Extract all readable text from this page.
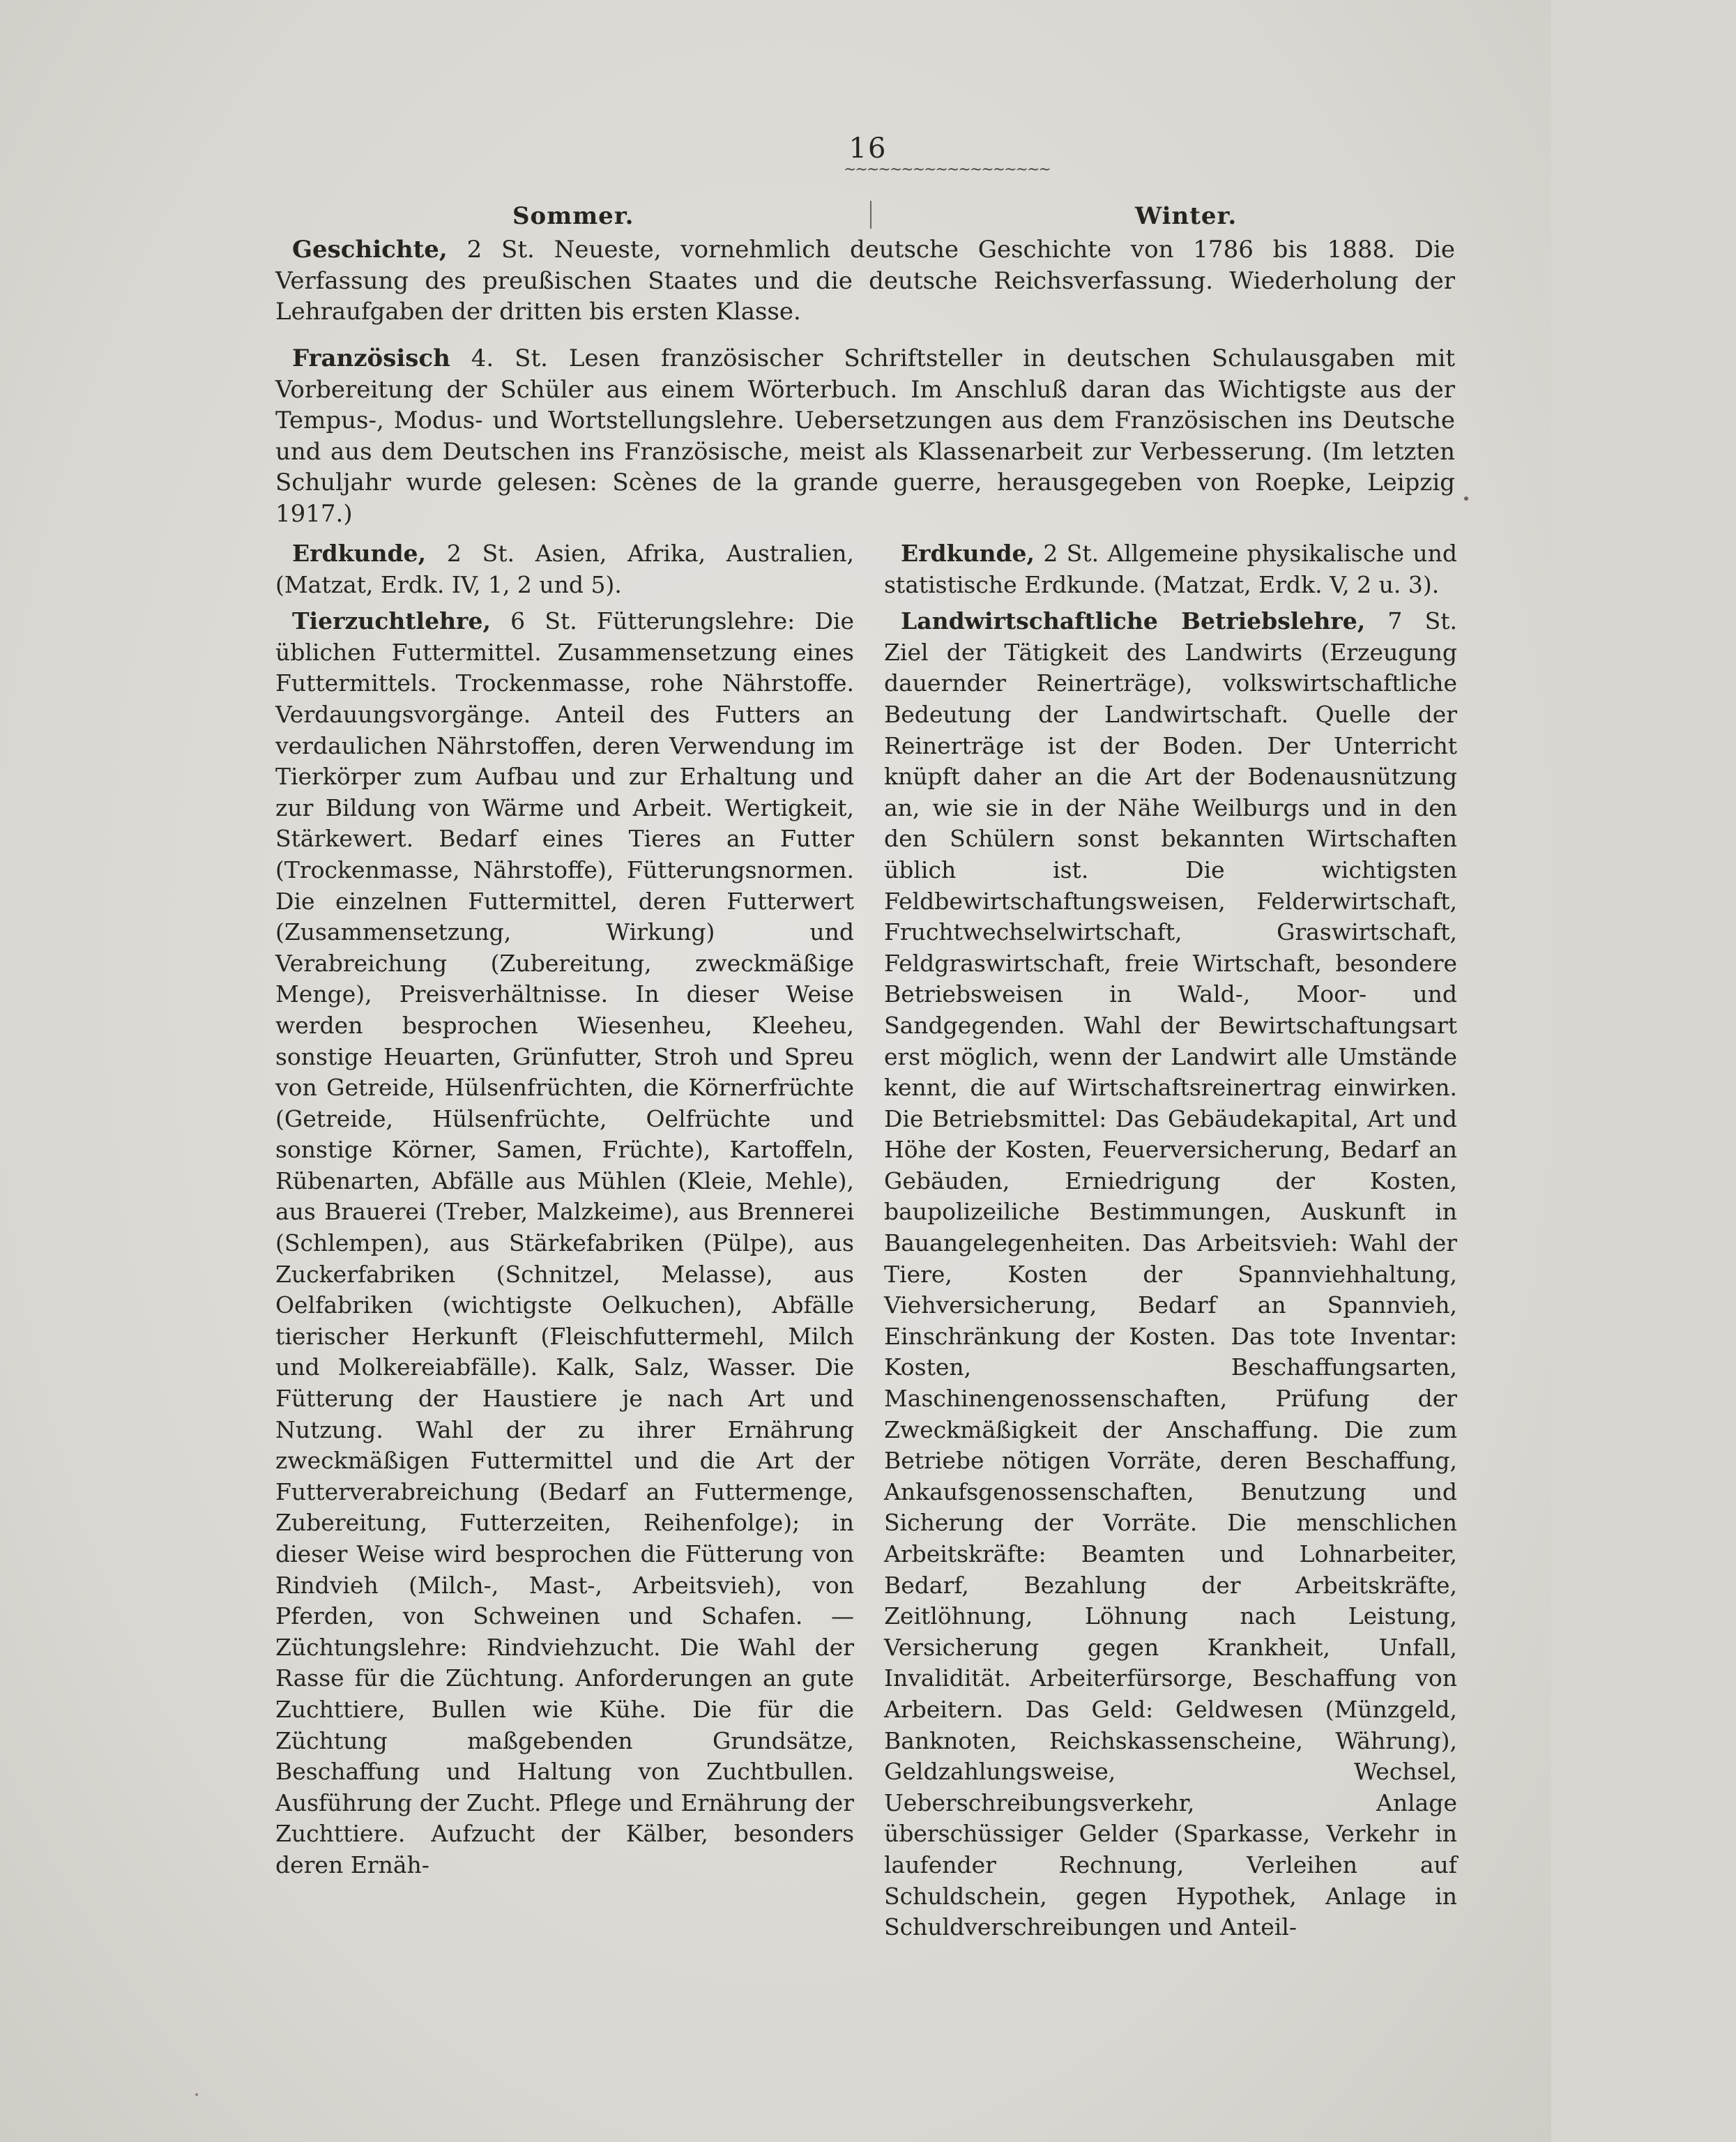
16
~~~~~~~~~~~~~~~~~~
Sommer.	Winter.

Geschichte, 2 St. Neueste, vornehmlich deutsche Geschichte von 1786 bis 1888. Die Verfassung des preußischen Staates und die deutsche Reichsverfassung. Wiederholung der Lehraufgaben der dritten bis ersten Klasse.

Französisch 4. St. Lesen französischer Schriftsteller in deutschen Schulausgaben mit Vorbereitung der Schüler aus einem Wörterbuch. Im Anschluß daran das Wichtigste aus der Tempus-, Modus- und Wortstellungslehre. Uebersetzungen aus dem Französischen ins Deutsche und aus dem Deutschen ins Französische, meist als Klassenarbeit zur Verbesserung. (Im letzten Schuljahr wurde gelesen: Scènes de la grande guerre, herausgegeben von Roepke, Leipzig 1917.)

Erdkunde, 2 St. Asien, Afrika, Australien, (Matzat, Erdk. IV, 1, 2 und 5).

Tierzuchtlehre, 6 St. Fütterungslehre: Die üblichen Futtermittel. Zusammensetzung eines Futtermittels. Trockenmasse, rohe Nährstoffe. Verdauungsvorgänge. Anteil des Futters an verdaulichen Nährstoffen, deren Verwendung im Tierkörper zum Aufbau und zur Erhaltung und zur Bildung von Wärme und Arbeit. Wertigkeit, Stärkewert. Bedarf eines Tieres an Futter (Trockenmasse, Nährstoffe), Fütterungsnormen. Die einzelnen Futtermittel, deren Futterwert (Zusammensetzung, Wirkung) und Verabreichung (Zubereitung, zweckmäßige Menge), Preisverhältnisse. In dieser Weise werden besprochen Wiesenheu, Kleeheu, sonstige Heuarten, Grünfutter, Stroh und Spreu von Getreide, Hülsenfrüchten, die Körnerfrüchte (Getreide, Hülsenfrüchte, Oelfrüchte und sonstige Körner, Samen, Früchte), Kartoffeln, Rübenarten, Abfälle aus Mühlen (Kleie, Mehle), aus Brauerei (Treber, Malzkeime), aus Brennerei (Schlempen), aus Stärkefabriken (Pülpe), aus Zuckerfabriken (Schnitzel, Melasse), aus Oelfabriken (wichtigste Oelkuchen), Abfälle tierischer Herkunft (Fleischfuttermehl, Milch und Molkereiabfälle). Kalk, Salz, Wasser. Die Fütterung der Haustiere je nach Art und Nutzung. Wahl der zu ihrer Ernährung zweckmäßigen Futtermittel und die Art der Futterverabreichung (Bedarf an Futtermenge, Zubereitung, Futterzeiten, Reihenfolge); in dieser Weise wird besprochen die Fütterung von Rindvieh (Milch-, Mast-, Arbeitsvieh), von Pferden, von Schweinen und Schafen. — Züchtungslehre: Rindviehzucht. Die Wahl der Rasse für die Züchtung. Anforderungen an gute Zuchttiere, Bullen wie Kühe. Die für die Züchtung maßgebenden Grundsätze, Beschaffung und Haltung von Zuchtbullen. Ausführung der Zucht. Pflege und Ernährung der Zuchttiere. Aufzucht der Kälber, besonders deren Ernäh-

Erdkunde, 2 St. Allgemeine physikalische und statistische Erdkunde. (Matzat, Erdk. V, 2 u. 3).

Landwirtschaftliche Betriebslehre, 7 St. Ziel der Tätigkeit des Landwirts (Erzeugung dauernder Reinerträge), volkswirtschaftliche Bedeutung der Landwirtschaft. Quelle der Reinerträge ist der Boden. Der Unterricht knüpft daher an die Art der Bodenausnützung an, wie sie in der Nähe Weilburgs und in den den Schülern sonst bekannten Wirtschaften üblich ist. Die wichtigsten Feldbewirtschaftungsweisen, Felderwirtschaft, Fruchtwechselwirtschaft, Graswirtschaft, Feldgraswirtschaft, freie Wirtschaft, besondere Betriebsweisen in Wald-, Moor- und Sandgegenden. Wahl der Bewirtschaftungsart erst möglich, wenn der Landwirt alle Umstände kennt, die auf Wirtschaftsreinertrag einwirken. Die Betriebsmittel: Das Gebäudekapital, Art und Höhe der Kosten, Feuerversicherung, Bedarf an Gebäuden, Erniedrigung der Kosten, baupolizeiliche Bestimmungen, Auskunft in Bauangelegenheiten. Das Arbeitsvieh: Wahl der Tiere, Kosten der Spannviehhaltung, Viehversicherung, Bedarf an Spannvieh, Einschränkung der Kosten. Das tote Inventar: Kosten, Beschaffungsarten, Maschinengenossenschaften, Prüfung der Zweckmäßigkeit der Anschaffung. Die zum Betriebe nötigen Vorräte, deren Beschaffung, Ankaufsgenossenschaften, Benutzung und Sicherung der Vorräte. Die menschlichen Arbeitskräfte: Beamten und Lohnarbeiter, Bedarf, Bezahlung der Arbeitskräfte, Zeitlöhnung, Löhnung nach Leistung, Versicherung gegen Krankheit, Unfall, Invalidität. Arbeiterfürsorge, Beschaffung von Arbeitern. Das Geld: Geldwesen (Münzgeld, Banknoten, Reichskassenscheine, Währung), Geldzahlungsweise, Wechsel, Ueberschreibungsverkehr, Anlage überschüssiger Gelder (Sparkasse, Verkehr in laufender Rechnung, Verleihen auf Schuldschein, gegen Hypothek, Anlage in Schuldverschreibungen und Anteil-
